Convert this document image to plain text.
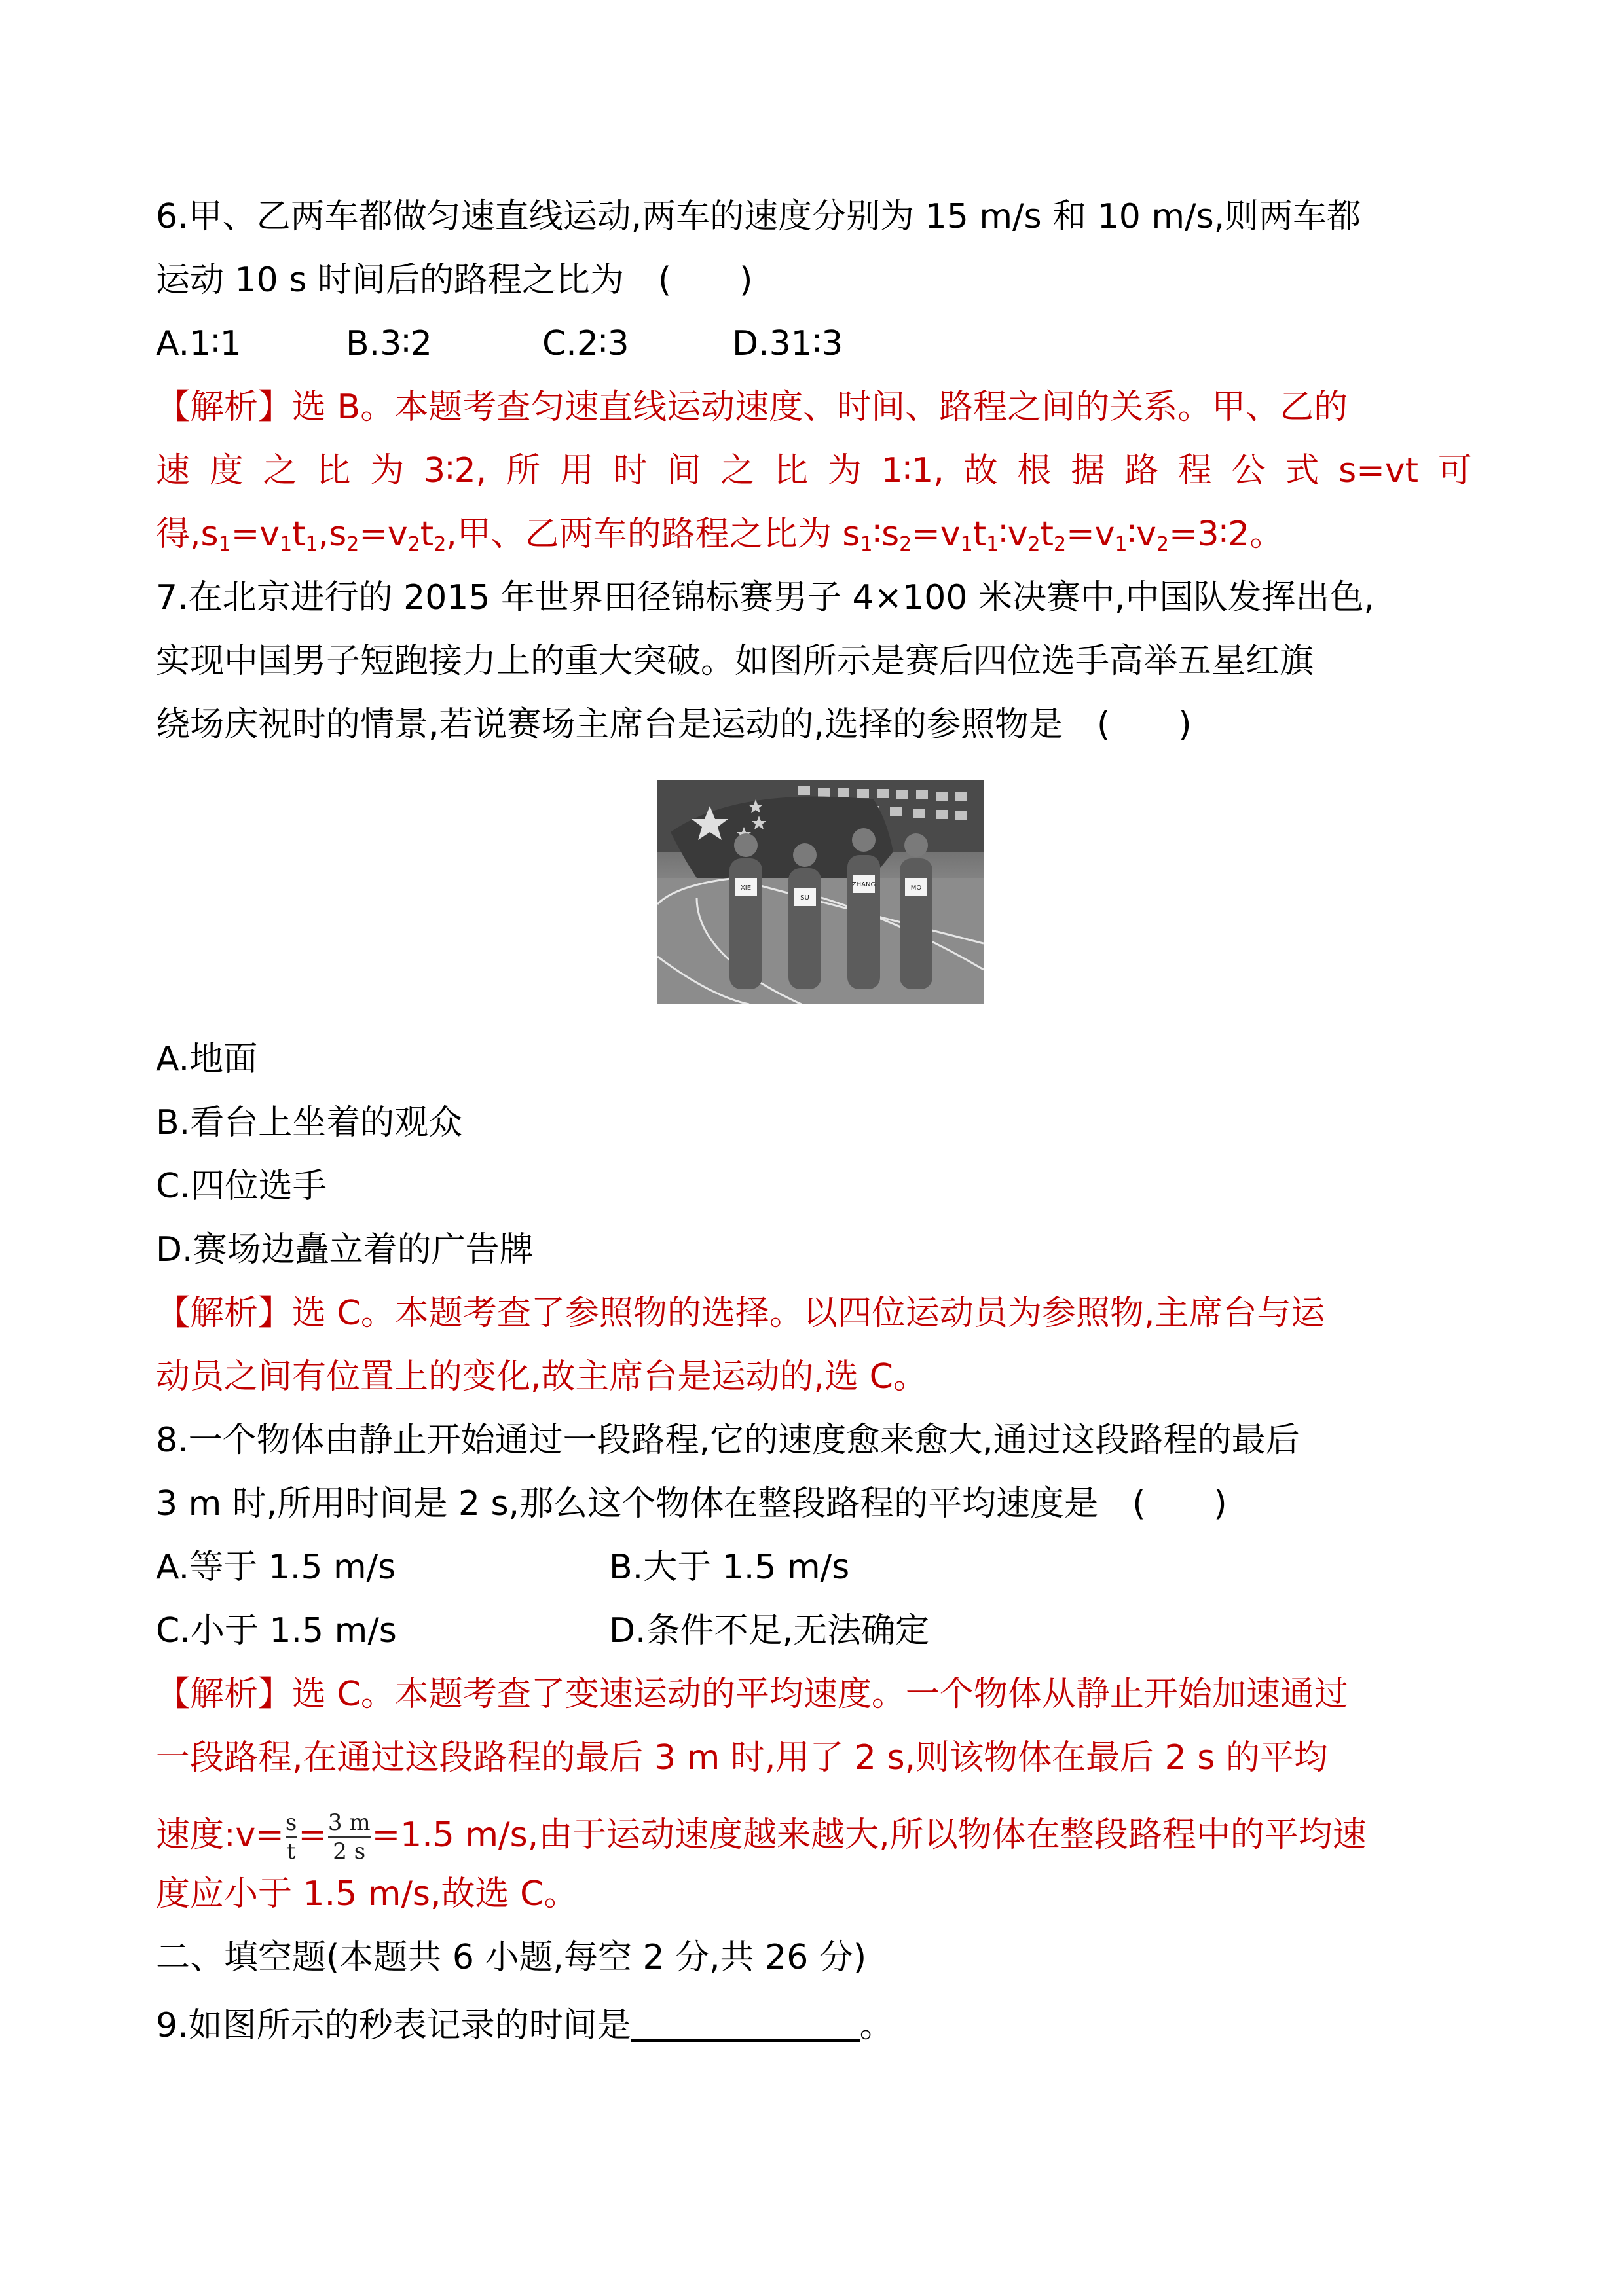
6.甲、乙两车都做匀速直线运动,两车的速度分别为 15 m/s 和 10 m/s,则两车都
运动 10 s 时间后的路程之比为　(　　)
A.1∶1	B.3∶2	C.2∶3	D.31∶3
【解析】选 B。本题考查匀速直线运动速度、时间、路程之间的关系。甲、乙的
速 度 之 比 为 3∶2, 所 用 时 间 之 比 为 1∶1, 故 根 据 路 程 公 式 s=vt 可
得$,s_1=v_1t_1,s_2=v_2t_2$,甲、乙两车的路程之比为 $s_1∶s_2=v_1t_1∶v_2t_2=v_1∶v_2=3∶2$。
7.在北京进行的 2015 年世界田径锦标赛男子 4×100 米决赛中,中国队发挥出色,
实现中国男子短跑接力上的重大突破。如图所示是赛后四位选手高举五星红旗
绕场庆祝时的情景,若说赛场主席台是运动的,选择的参照物是　(　　)
XIE
SU
ZHANG	MO
A.地面
B.看台上坐着的观众
C.四位选手
D.赛场边矗立着的广告牌
【解析】选 C。本题考查了参照物的选择。以四位运动员为参照物,主席台与运
动员之间有位置上的变化,故主席台是运动的,选 C。
8.一个物体由静止开始通过一段路程,它的速度愈来愈大,通过这段路程的最后
3 m 时,所用时间是 2 s,那么这个物体在整段路程的平均速度是　(　　)
A.等于 1.5 m/s	B.大于 1.5 m/s
C.小于 1.5 m/s	D.条件不足,无法确定
【解析】选 C。本题考查了变速运动的平均速度。一个物体从静止开始加速通过
一段路程,在通过这段路程的最后 3 m 时,用了 2 s,则该物体在最后 2 s 的平均
速度:v= $\frac{s}{t} = \frac{3 m}{2 s} =1.5$ m/s,由于运动速度越来越大,所以物体在整段路程中的平均速
度应小于 1.5 m/s,故选 C。
二、填空题(本题共 6 小题,每空 2 分,共 26 分)
9.如图所示的秒表记录的时间是	。
